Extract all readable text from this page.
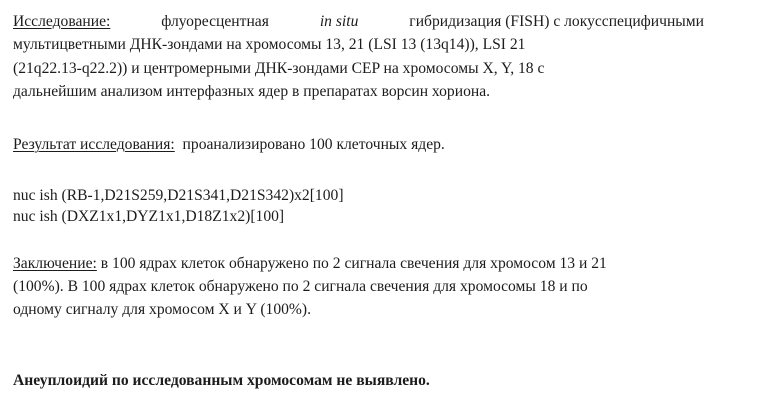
Исследование:	флуоресцентная	in situ	гибридизация (FISH) с локусспецифичными
мультицветными ДНК-зондами на хромосомы 13, 21 (LSI 13 (13q14)), LSI 21
(21q22.13-q22.2)) и центромерными ДНК-зондами CEP на хромосомы X, Y, 18 с
дальнейшим анализом интерфазных ядер в препаратах ворсин хориона.
Результат исследования: проанализировано 100 клеточных ядер.
nuc ish (RB-1,D21S259,D21S341,D21S342)x2[100]
nuc ish (DXZ1x1,DYZ1x1,D18Z1x2)[100]
Заключение: в 100 ядрах клеток обнаружено по 2 сигнала свечения для хромосом 13 и 21
(100%). В 100 ядрах клеток обнаружено по 2 сигнала свечения для хромосомы 18 и по
одному сигналу для хромосом X и Y (100%).
Анеуплоидий по исследованным хромосомам не выявлено.
